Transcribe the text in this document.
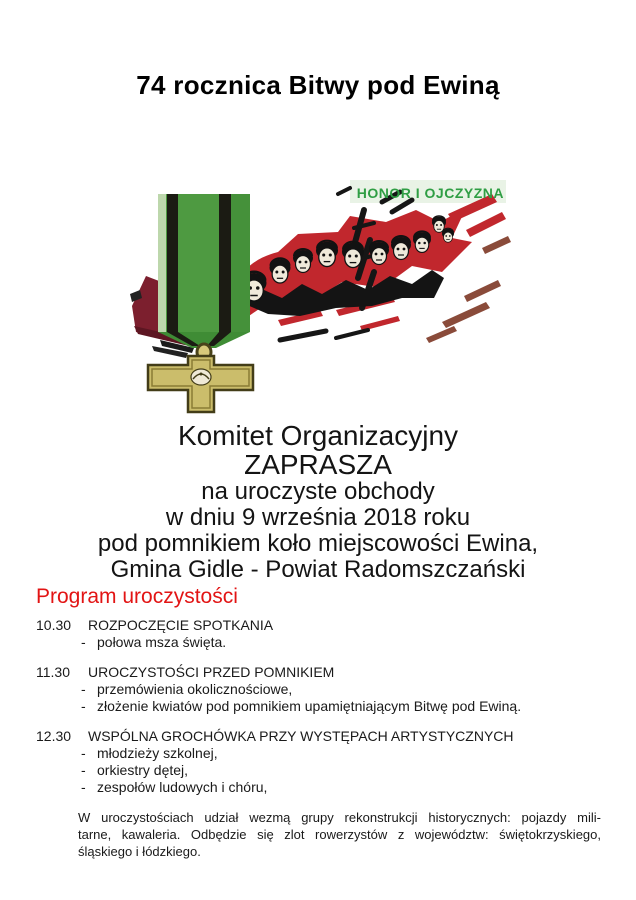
74 rocznica Bitwy pod Ewiną
HONOR I OJCZYZNA
Komitet Organizacyjny
ZAPRASZA
na uroczyste obchody
w dniu 9 września 2018 roku
pod pomnikiem koło miejscowości Ewina,
Gmina Gidle - Powiat Radomszczański
Program uroczystości
10.30	ROZPOCZĘCIE SPOTKANIA
- połowa msza święta.
11.30	UROCZYSTOŚCI PRZED POMNIKIEM
- przemówienia okolicznościowe,
- złożenie kwiatów pod pomnikiem upamiętniającym Bitwę pod Ewiną.
12.30	WSPÓLNA GROCHÓWKA PRZY WYSTĘPACH ARTYSTYCZNYCH
- młodzieży szkolnej,
- orkiestry dętej,
- zespołów ludowych i chóru,
W uroczystościach udział wezmą grupy rekonstrukcji historycznych: pojazdy mili-
tarne, kawaleria. Odbędzie się zlot rowerzystów z województw: świętokrzyskiego,
śląskiego i łódzkiego.
